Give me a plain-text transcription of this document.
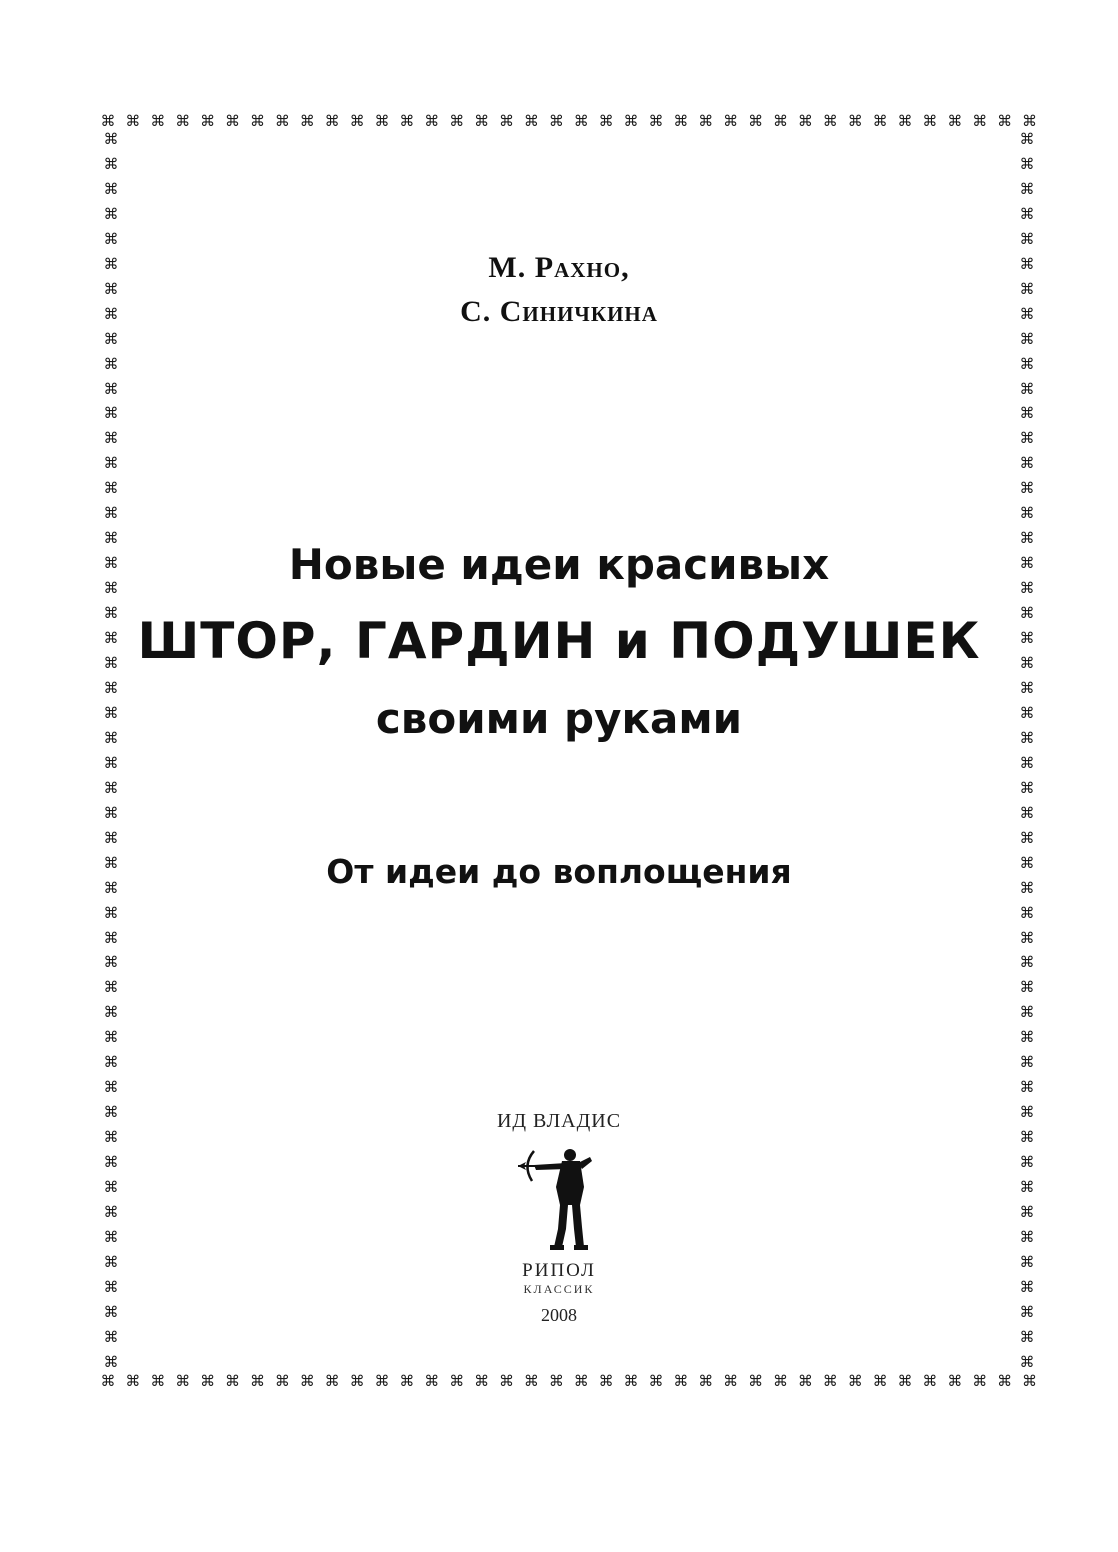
⌘ ⌘ ⌘ ⌘ ⌘ ⌘ ⌘ ⌘ ⌘ ⌘ ⌘ ⌘ ⌘ ⌘ ⌘ ⌘ ⌘ ⌘ ⌘ ⌘ ⌘ ⌘ ⌘ ⌘ ⌘ ⌘ ⌘ ⌘ ⌘ ⌘ ⌘ ⌘ ⌘ ⌘ ⌘ ⌘ ⌘ ⌘
⌘ ⌘ ⌘ ⌘ ⌘ ⌘ ⌘ ⌘ ⌘ ⌘ ⌘ ⌘ ⌘ ⌘ ⌘ ⌘ ⌘ ⌘ ⌘ ⌘ ⌘ ⌘ ⌘ ⌘ ⌘ ⌘ ⌘ ⌘ ⌘ ⌘ ⌘ ⌘ ⌘ ⌘ ⌘ ⌘ ⌘ ⌘
⌘
⌘
⌘
⌘
⌘
⌘
⌘
⌘
⌘
⌘
⌘
⌘
⌘
⌘
⌘
⌘
⌘
⌘
⌘
⌘
⌘
⌘
⌘
⌘
⌘
⌘
⌘
⌘
⌘
⌘
⌘
⌘
⌘
⌘
⌘
⌘
⌘
⌘
⌘
⌘
⌘
⌘
⌘
⌘
⌘
⌘
⌘
⌘
⌘
⌘
⌘
⌘
⌘
⌘
⌘
⌘
⌘
⌘
⌘
⌘
⌘
⌘
⌘
⌘
⌘
⌘
⌘
⌘
⌘
⌘
⌘
⌘
⌘
⌘
⌘
⌘
⌘
⌘
⌘
⌘
⌘
⌘
⌘
⌘
⌘
⌘
⌘
⌘
⌘
⌘
⌘
⌘
⌘
⌘
⌘
⌘
⌘
⌘
⌘
⌘
М. Рахно,
С. Синичкина
Новые идеи красивых
ШТОР, ГАРДИН и ПОДУШЕК
своими руками
От идеи до воплощения
ИД ВЛАДИС
РИПОЛ
КЛАССИК
2008
